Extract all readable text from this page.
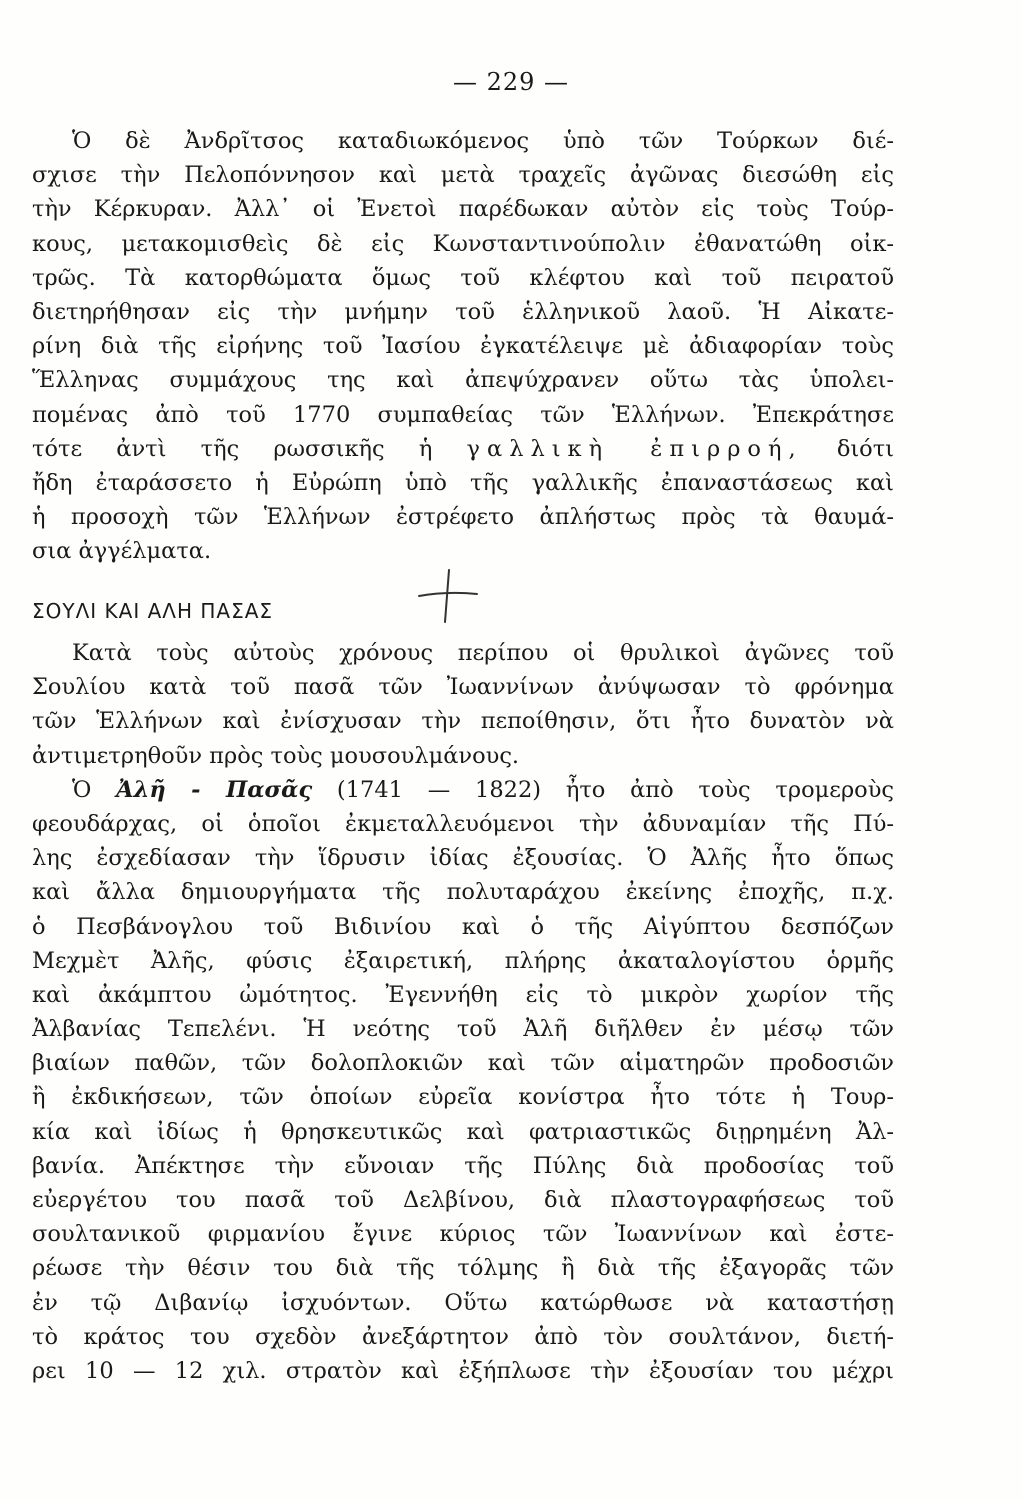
— 229 —
Ὁ δὲ Ἀνδρῖτσος καταδιωκόμενος ὑπὸ τῶν Τούρκων διέ-
σχισε τὴν Πελοπόννησον καὶ μετὰ τραχεῖς ἀγῶνας διεσώθη εἰς
τὴν Κέρκυραν. Ἀλλ᾽ οἱ Ἐνετοὶ παρέδωκαν αὐτὸν εἰς τοὺς Τούρ-
κους, μετακομισθεὶς δὲ εἰς Κωνσταντινούπολιν ἐθανατώθη οἰκ-
τρῶς. Τὰ κατορθώματα ὅμως τοῦ κλέφτου καὶ τοῦ πειρατοῦ
διετηρήθησαν εἰς τὴν μνήμην τοῦ ἑλληνικοῦ λαοῦ. Ἡ Αἰκατε-
ρίνη διὰ τῆς εἰρήνης τοῦ Ἰασίου ἐγκατέλειψε μὲ ἀδιαφορίαν τοὺς
Ἕλληνας συμμάχους της καὶ ἀπεψύχρανεν οὕτω τὰς ὑπολει-
πομένας ἀπὸ τοῦ 1770 συμπαθείας τῶν Ἑλλήνων. Ἐπεκράτησε
τότε ἀντὶ τῆς ρωσσικῆς ἡ γαλλικὴ ἐπιρροή, διότι
ἤδη ἐταράσσετο ἡ Εὐρώπη ὑπὸ τῆς γαλλικῆς ἐπαναστάσεως καὶ
ἡ προσοχὴ τῶν Ἑλλήνων ἐστρέφετο ἀπλήστως πρὸς τὰ θαυμά-
σια ἀγγέλματα.
ΣΟΥΛΙ ΚΑΙ ΑΛΗ ΠΑΣΑΣ
Κατὰ τοὺς αὐτοὺς χρόνους περίπου οἱ θρυλικοὶ ἀγῶνες τοῦ
Σουλίου κατὰ τοῦ πασᾶ τῶν Ἰωαννίνων ἀνύψωσαν τὸ φρόνημα
τῶν Ἑλλήνων καὶ ἐνίσχυσαν τὴν πεποίθησιν, ὅτι ἦτο δυνατὸν νὰ
ἀντιμετρηθοῦν πρὸς τοὺς μουσουλμάνους.
Ὁ Ἀλῆ - Πασᾶς (1741 — 1822) ἦτο ἀπὸ τοὺς τρομεροὺς
φεουδάρχας, οἱ ὁποῖοι ἐκμεταλλευόμενοι τὴν ἀδυναμίαν τῆς Πύ-
λης ἐσχεδίασαν τὴν ἵδρυσιν ἰδίας ἐξουσίας. Ὁ Ἀλῆς ἦτο ὅπως
καὶ ἄλλα δημιουργήματα τῆς πολυταράχου ἐκείνης ἐποχῆς, π.χ.
ὁ Πεσβάνογλου τοῦ Βιδινίου καὶ ὁ τῆς Αἰγύπτου δεσπόζων
Μεχμὲτ Ἀλῆς, φύσις ἐξαιρετική, πλήρης ἀκαταλογίστου ὁρμῆς
καὶ ἀκάμπτου ὠμότητος. Ἐγεννήθη εἰς τὸ μικρὸν χωρίον τῆς
Ἀλβανίας Τεπελένι. Ἡ νεότης τοῦ Ἀλῆ διῆλθεν ἐν μέσῳ τῶν
βιαίων παθῶν, τῶν δολοπλοκιῶν καὶ τῶν αἱματηρῶν προδοσιῶν
ἢ ἐκδικήσεων, τῶν ὁποίων εὐρεῖα κονίστρα ἦτο τότε ἡ Τουρ-
κία καὶ ἰδίως ἡ θρησκευτικῶς καὶ φατριαστικῶς διῃρημένη Ἀλ-
βανία. Ἀπέκτησε τὴν εὔνοιαν τῆς Πύλης διὰ προδοσίας τοῦ
εὐεργέτου του πασᾶ τοῦ Δελβίνου, διὰ πλαστογραφήσεως τοῦ
σουλτανικοῦ φιρμανίου ἔγινε κύριος τῶν Ἰωαννίνων καὶ ἐστε-
ρέωσε τὴν θέσιν του διὰ τῆς τόλμης ἢ διὰ τῆς ἐξαγορᾶς τῶν
ἐν τῷ Διβανίῳ ἰσχυόντων. Οὕτω κατώρθωσε νὰ καταστήσῃ
τὸ κράτος του σχεδὸν ἀνεξάρτητον ἀπὸ τὸν σουλτάνον, διετή-
ρει 10 — 12 χιλ. στρατὸν καὶ ἐξήπλωσε τὴν ἐξουσίαν του μέχρι
